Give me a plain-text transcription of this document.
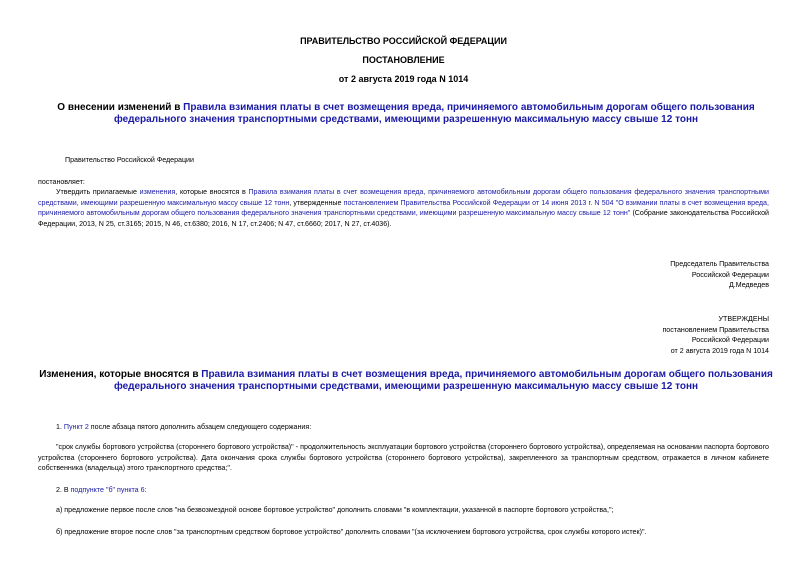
ПРАВИТЕЛЬСТВО РОССИЙСКОЙ ФЕДЕРАЦИИ
ПОСТАНОВЛЕНИЕ
от 2 августа 2019 года N 1014
О внесении изменений в Правила взимания платы в счет возмещения вреда, причиняемого автомобильным дорогам общего пользования федерального значения транспортными средствами, имеющими разрешенную максимальную массу свыше 12 тонн
Правительство Российской Федерации
постановляет:
Утвердить прилагаемые изменения, которые вносятся в Правила взимания платы в счет возмещения вреда, причиняемого автомобильным дорогам общего пользования федерального значения транспортными средствами, имеющими разрешенную максимальную массу свыше 12 тонн, утвержденные постановлением Правительства Российской Федерации от 14 июня 2013 г. N 504 "О взимании платы в счет возмещения вреда, причиняемого автомобильным дорогам общего пользования федерального значения транспортными средствами, имеющими разрешенную максимальную массу свыше 12 тонн" (Собрание законодательства Российской Федерации, 2013, N 25, ст.3165; 2015, N 46, ст.6380; 2016, N 17, ст.2406; N 47, ст.6660; 2017, N 27, ст.4036).
Председатель Правительства
Российской Федерации
Д.Медведев
УТВЕРЖДЕНЫ
постановлением Правительства
Российской Федерации
от 2 августа 2019 года N 1014
Изменения, которые вносятся в Правила взимания платы в счет возмещения вреда, причиняемого автомобильным дорогам общего пользования федерального значения транспортными средствами, имеющими разрешенную максимальную массу свыше 12 тонн
1. Пункт 2 после абзаца пятого дополнить абзацем следующего содержания:
"срок службы бортового устройства (стороннего бортового устройства)" - продолжительность эксплуатации бортового устройства (стороннего бортового устройства), определяемая на основании паспорта бортового устройства (стороннего бортового устройства). Дата окончания срока службы бортового устройства (стороннего бортового устройства), закрепленного за транспортным средством, отражается в личном кабинете собственника (владельца) этого транспортного средства;".
2. В подпункте "б" пункта 6:
а) предложение первое после слов "на безвозмездной основе бортовое устройство" дополнить словами "в комплектации, указанной в паспорте бортового устройства,";
б) предложение второе после слов "за транспортным средством бортовое устройство" дополнить словами "(за исключением бортового устройства, срок службы которого истек)".
